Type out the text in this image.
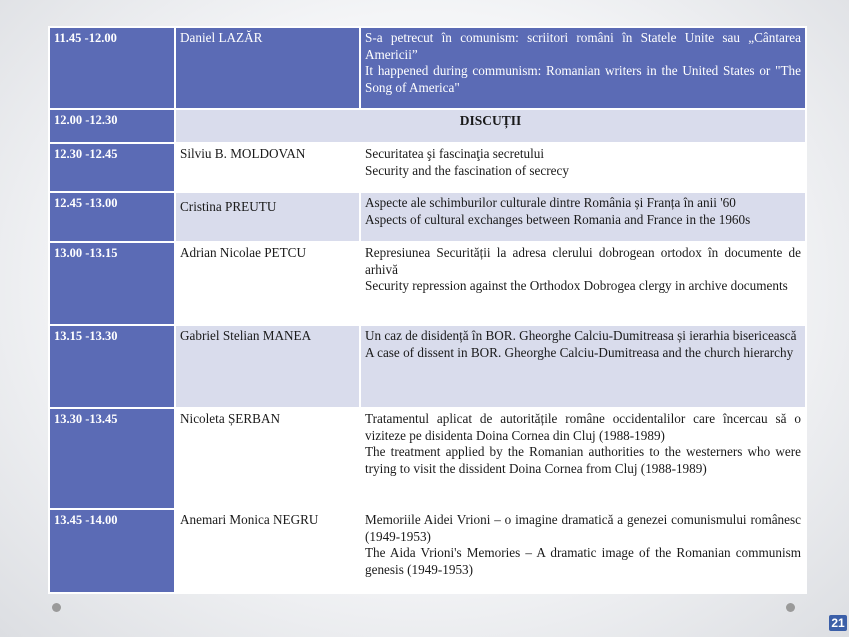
11.45 -12.00	Daniel LAZĂR	S-a petrecut în comunism: scriitori români în Statele Unite sau „Cântarea Americii”
It happened during communism: Romanian writers in the United States or "The Song of America"

12.00 -12.30	DISCUȚII	
12.30 -12.45	Silviu B. MOLDOVAN	Securitatea şi fascinaţia secretului
Security and the fascination of secrecy

12.45 -13.00	Cristina PREUTU	Aspecte ale schimburilor culturale dintre România și Franța în anii '60
Aspects of cultural exchanges between Romania and France in the 1960s

13.00 -13.15	Adrian Nicolae PETCU	Represiunea Securității la adresa clerului dobrogean ortodox în documente de arhivă
Security repression against the Orthodox Dobrogea clergy in archive documents

13.15 -13.30	Gabriel Stelian MANEA	Un caz de disidență în BOR. Gheorghe Calciu-Dumitreasa și ierarhia bisericească
A case of dissent in BOR. Gheorghe Calciu-Dumitreasa and the church hierarchy

13.30 -13.45	Nicoleta ȘERBAN	Tratamentul aplicat de autoritățile române occidentalilor care încercau să o viziteze pe disidenta Doina Cornea din Cluj (1988-1989)
The treatment applied by the Romanian authorities to the westerners who were trying to visit the dissident Doina Cornea from Cluj (1988-1989)

13.45 -14.00	Anemari Monica NEGRU	Memoriile Aidei Vrioni – o imagine dramatică a genezei comunismului românesc (1949-1953)
The Aida Vrioni's Memories – A dramatic image of the Romanian communism genesis (1949-1953)
21
